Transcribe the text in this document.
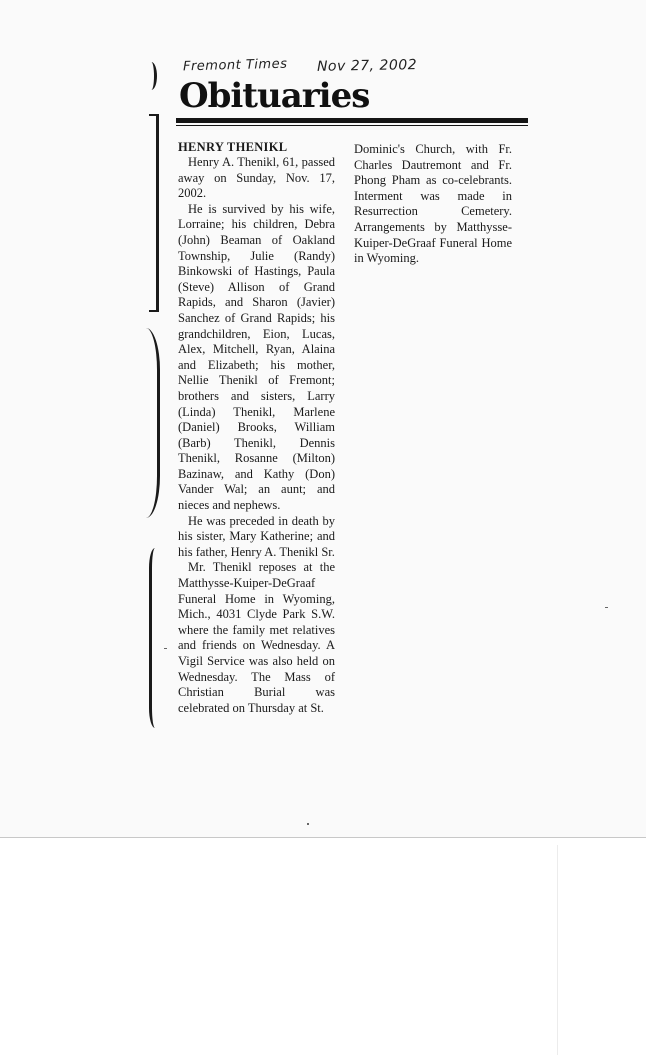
Fremont Times Nov 27, 2002
Obituaries
HENRY THENIKL

Henry A. Thenikl, 61, passed away on Sunday, Nov. 17, 2002.

He is survived by his wife, Lorraine; his children, Debra (John) Beaman of Oakland Township, Julie (Randy) Binkowski of Hastings, Paula (Steve) Allison of Grand Rapids, and Sharon (Javier) Sanchez of Grand Rapids; his grandchildren, Eion, Lucas, Alex, Mitchell, Ryan, Alaina and Elizabeth; his mother, Nellie Thenikl of Fremont; brothers and sisters, Larry (Linda) Thenikl, Marlene (Daniel) Brooks, William (Barb) Thenikl, Dennis Thenikl, Rosanne (Milton) Bazinaw, and Kathy (Don) Vander Wal; an aunt; and nieces and nephews.

He was preceded in death by his sister, Mary Katherine; and his father, Henry A. Thenikl Sr.

Mr. Thenikl reposes at the Matthysse-Kuiper-DeGraaf Funeral Home in Wyoming, Mich., 4031 Clyde Park S.W. where the family met relatives and friends on Wednesday. A Vigil Service was also held on Wednesday. The Mass of Christian Burial was celebrated on Thursday at St.

Dominic's Church, with Fr. Charles Dautremont and Fr. Phong Pham as co-celebrants. Interment was made in Resurrection Cemetery. Arrangements by Matthysse-Kuiper-DeGraaf Funeral Home in Wyoming.
